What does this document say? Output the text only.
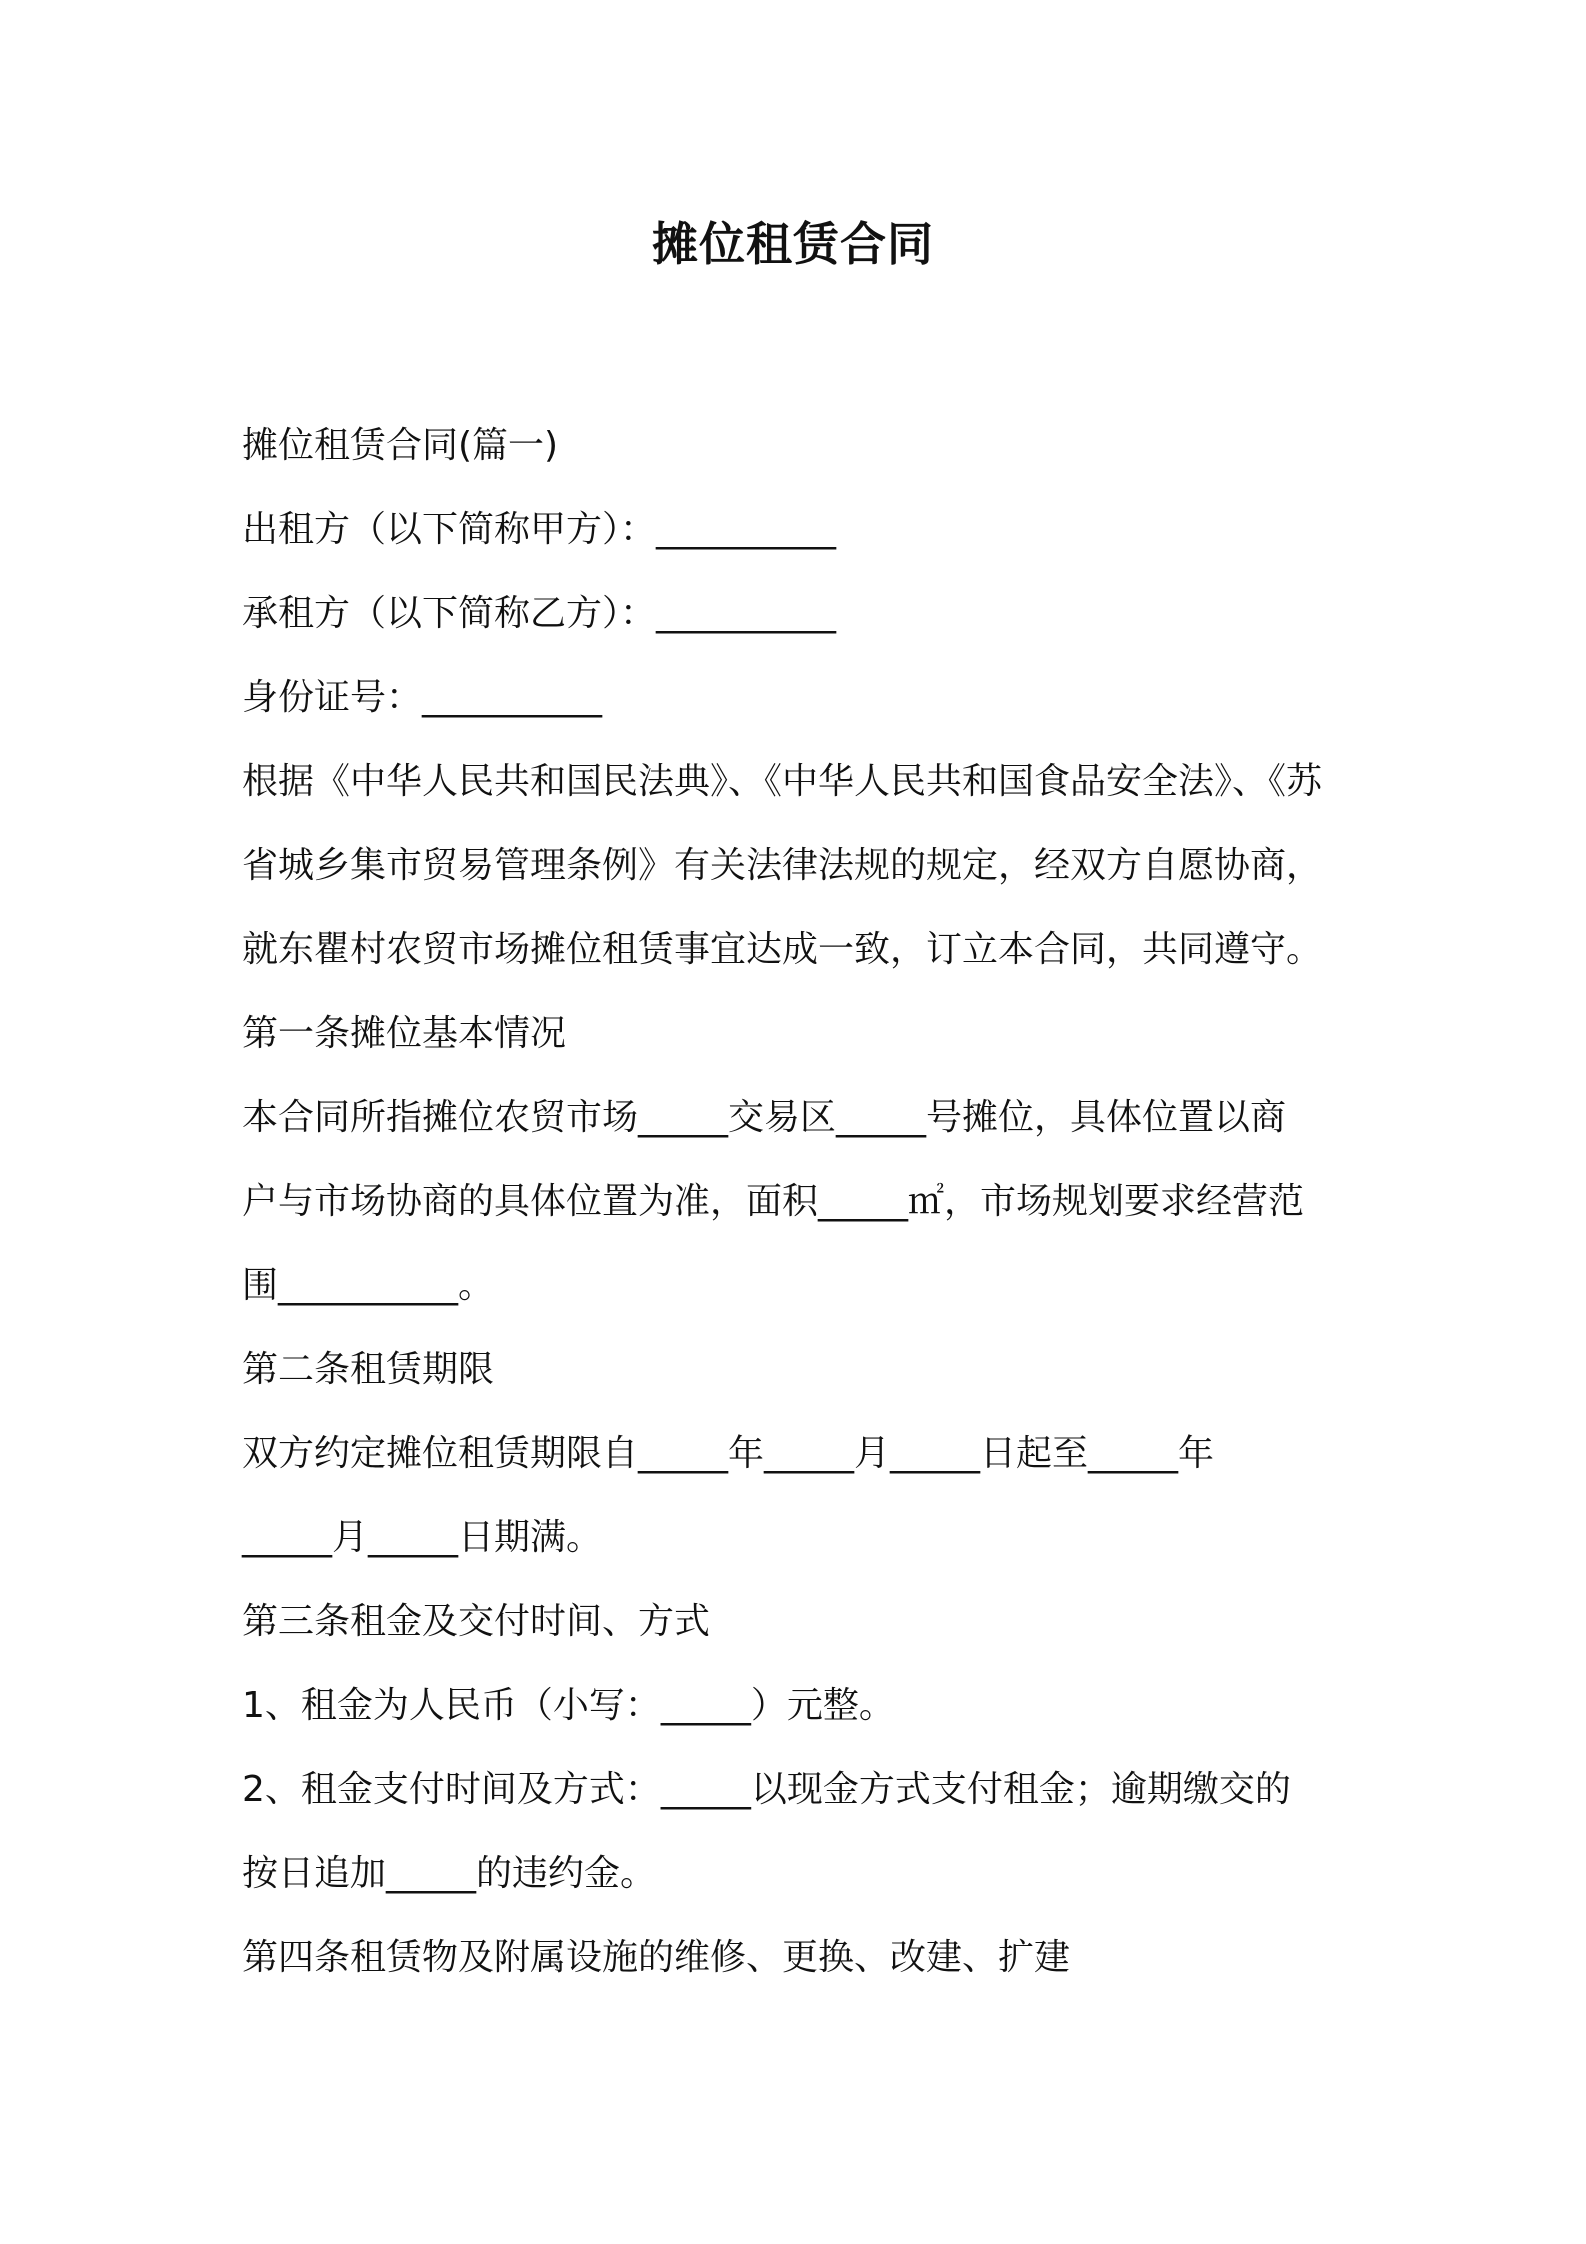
摊位租赁合同

摊位租赁合同(篇一)

出租方（以下简称甲方）：__________

承租方（以下简称乙方）：__________

身份证号：__________

根据《中华人民共和国民法典》、《中华人民共和国食品安全法》、《苏

省城乡集市贸易管理条例》有关法律法规的规定，经双方自愿协商，

就东瞿村农贸市场摊位租赁事宜达成一致，订立本合同，共同遵守。

第一条摊位基本情况

本合同所指摊位农贸市场_____交易区_____号摊位，具体位置以商

户与市场协商的具体位置为准，面积_____㎡，市场规划要求经营范

围__________。

第二条租赁期限

双方约定摊位租赁期限自_____年_____月_____日起至_____年

_____月_____日期满。

第三条租金及交付时间、方式

1、租金为人民币（小写：_____）元整。

2、租金支付时间及方式：_____以现金方式支付租金；逾期缴交的

按日追加_____的违约金。

第四条租赁物及附属设施的维修、更换、改建、扩建
